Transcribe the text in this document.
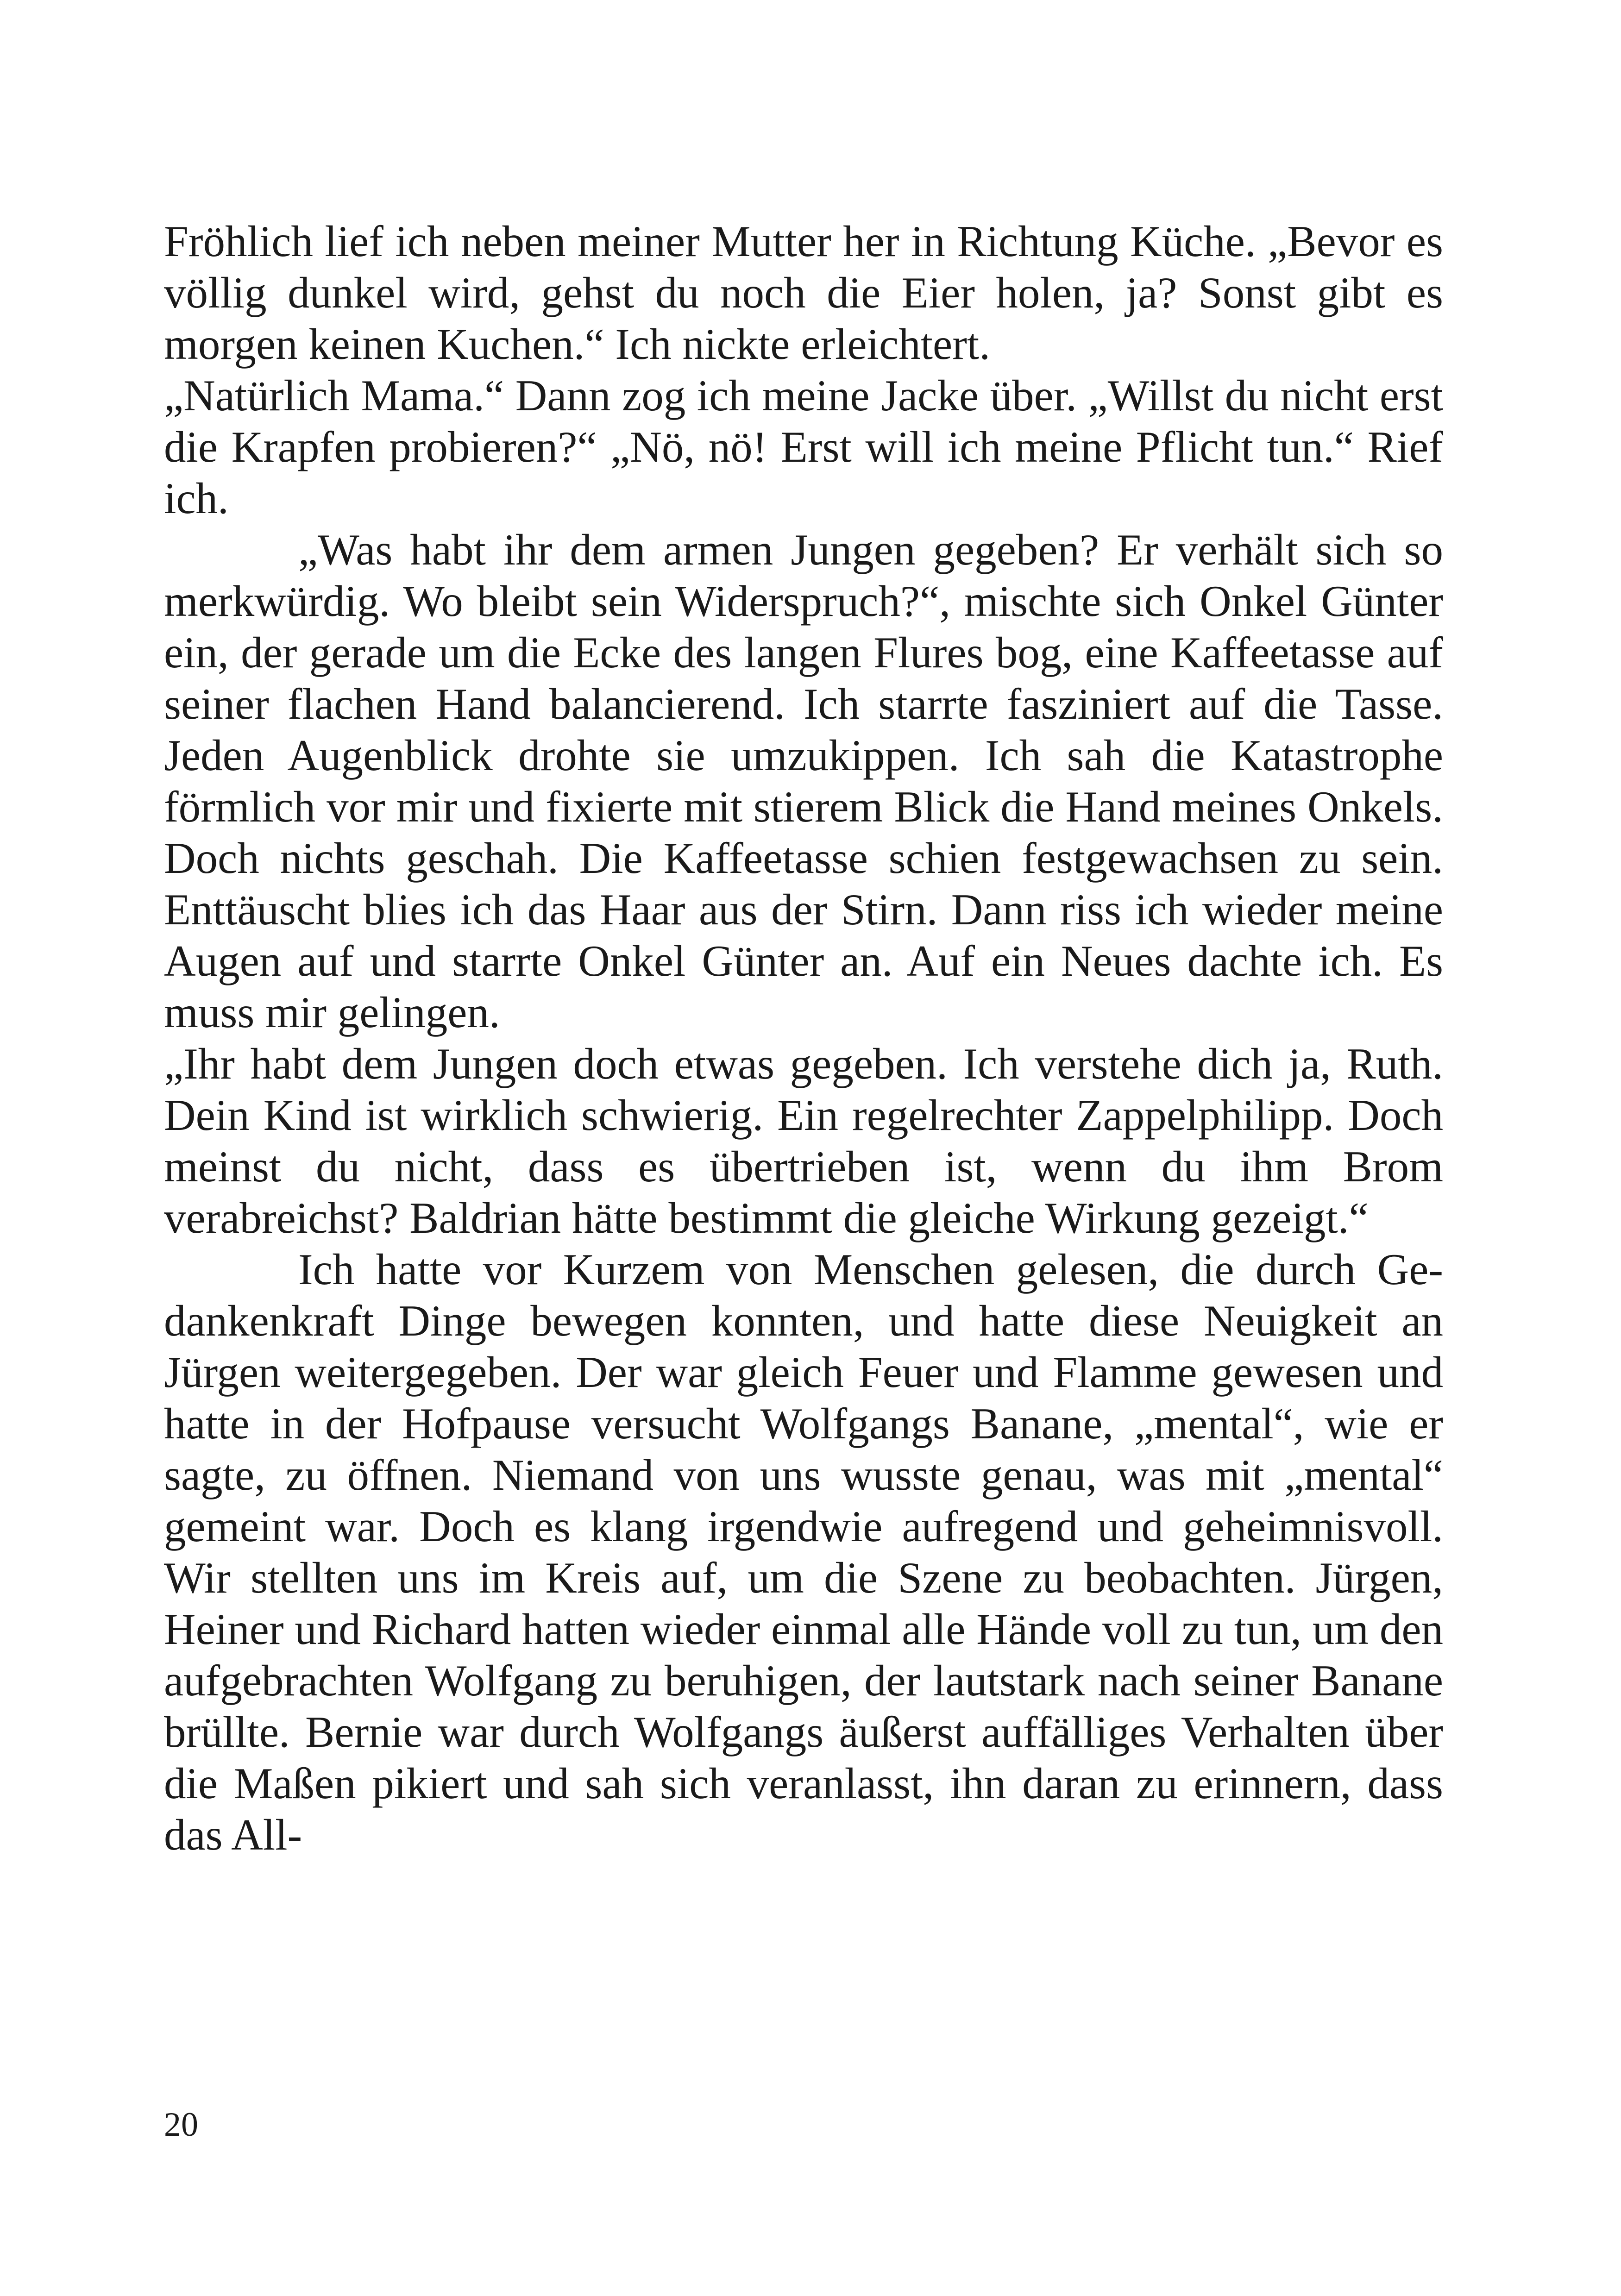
Fröhlich lief ich neben meiner Mutter her in Richtung Küche. „Bevor es völlig dunkel wird, gehst du noch die Eier holen, ja? Sonst gibt es morgen keinen Kuchen.“ Ich nickte erleichtert.

„Natürlich Mama.“ Dann zog ich meine Jacke über. „Willst du nicht erst die Krapfen probieren?“ „Nö, nö! Erst will ich meine Pflicht tun.“ Rief ich.

„Was habt ihr dem armen Jungen gegeben? Er verhält sich so merkwürdig. Wo bleibt sein Widerspruch?“, mischte sich Onkel Günter ein, der gerade um die Ecke des langen Flures bog, eine Kaffeetasse auf seiner flachen Hand balancierend. Ich starrte fasziniert auf die Tasse. Jeden Augenblick drohte sie umzukippen. Ich sah die Katastrophe förmlich vor mir und fixierte mit stierem Blick die Hand meines Onkels. Doch nichts geschah. Die Kaffeetasse schien festgewachsen zu sein. Enttäuscht blies ich das Haar aus der Stirn. Dann riss ich wieder meine Augen auf und starrte Onkel Günter an. Auf ein Neues dachte ich. Es muss mir gelingen.

„Ihr habt dem Jungen doch etwas gegeben. Ich verstehe dich ja, Ruth. Dein Kind ist wirklich schwierig. Ein regelrechter Zappelphilipp. Doch meinst du nicht, dass es übertrieben ist, wenn du ihm Brom verabreichst? Baldrian hätte bestimmt die gleiche Wirkung gezeigt.“

Ich hatte vor Kurzem von Menschen gelesen, die durch Gedankenkraft Dinge bewegen konnten, und hatte diese Neuigkeit an Jürgen weitergegeben. Der war gleich Feuer und Flamme gewesen und hatte in der Hofpause versucht Wolfgangs Banane, „mental“, wie er sagte, zu öffnen. Niemand von uns wusste genau, was mit „mental“ gemeint war. Doch es klang irgendwie aufregend und geheimnisvoll. Wir stellten uns im Kreis auf, um die Szene zu beobachten. Jürgen, Heiner und Richard hatten wieder einmal alle Hände voll zu tun, um den aufgebrachten Wolfgang zu beruhigen, der lautstark nach seiner Banane brüllte. Bernie war durch Wolfgangs äußerst auffälliges Verhalten über die Maßen pikiert und sah sich veranlasst, ihn daran zu erinnern, dass das All-

20
